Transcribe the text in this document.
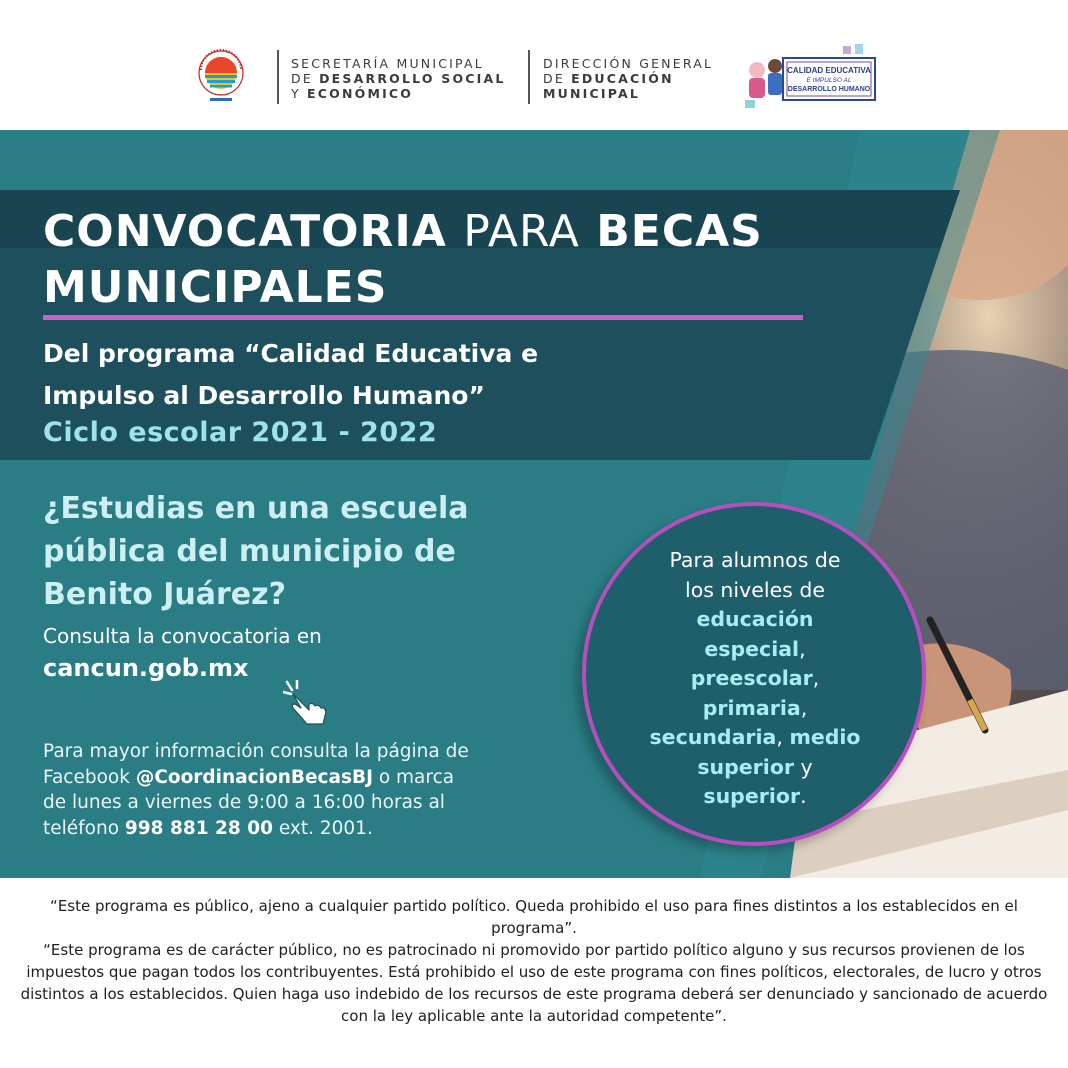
SECRETARÍA MUNICIPAL
DE DESARROLLO SOCIAL
Y ECONÓMICO
DIRECCIÓN GENERAL
DE EDUCACIÓN
MUNICIPAL
CALIDAD EDUCATIVA
E IMPULSO AL
DESARROLLO HUMANO
CONVOCATORIA PARA BECAS
MUNICIPALES
Del programa “Calidad Educativa e
Impulso al Desarrollo Humano”
Ciclo escolar 2021 - 2022
¿Estudias en una escuela
pública del municipio de
Benito Juárez?
Consulta la convocatoria en
cancun.gob.mx
Para mayor información consulta la página de
Facebook @CoordinacionBecasBJ o marca
de lunes a viernes de 9:00 a 16:00 horas al
teléfono 998 881 28 00 ext. 2001.
Para alumnos de
los niveles de
educación
especial,
preescolar,
primaria,
secundaria, medio
superior y
superior.

“Este programa es público, ajeno a cualquier partido político. Queda prohibido el uso para fines distintos a los establecidos en el programa”.

“Este programa es de carácter público, no es patrocinado ni promovido por partido político alguno y sus recursos provienen de los impuestos que pagan todos los contribuyentes. Está prohibido el uso de este programa con fines políticos, electorales, de lucro y otros distintos a los establecidos. Quien haga uso indebido de los recursos de este programa deberá ser denunciado y sancionado de acuerdo con la ley aplicable ante la autoridad competente”.
